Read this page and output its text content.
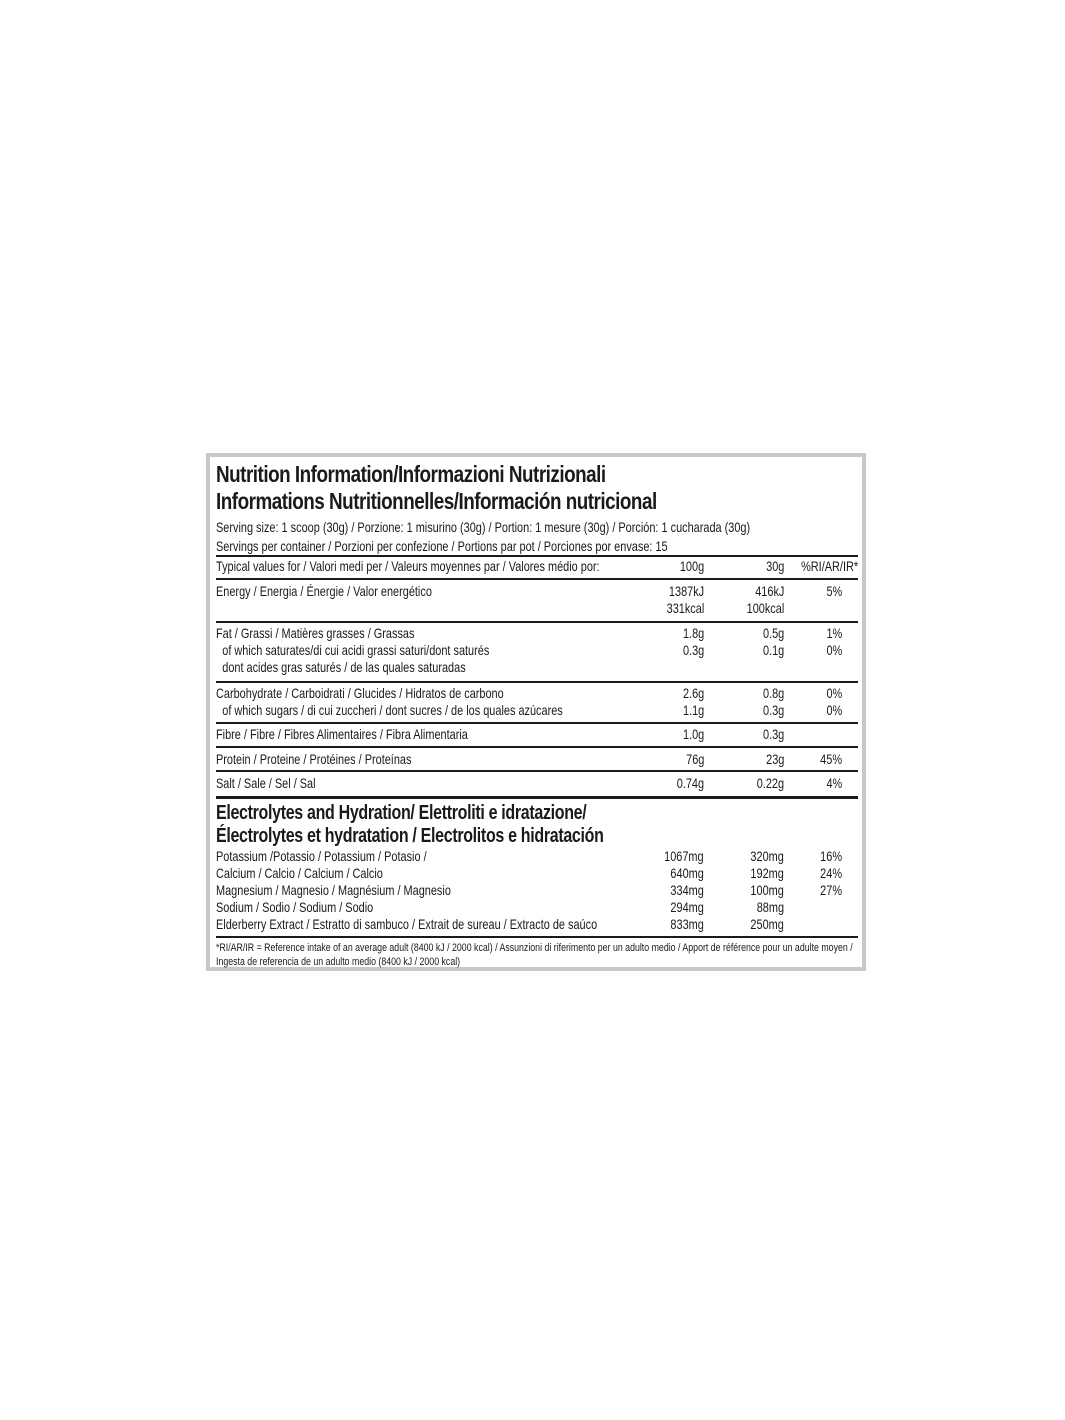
Nutrition Information/Informazioni Nutrizionali
Informations Nutritionnelles/Información nutricional
Serving size: 1 scoop (30g) / Porzione: 1 misurino (30g) / Portion: 1 mesure (30g) / Porción: 1 cucharada (30g)
Servings per container / Porzioni per confezione / Portions par pot / Porciones por envase: 15
Typical values for / Valori medi per / Valeurs moyennes par / Valores médio por:	100g	30g %RI/AR/IR*
Energy / Energia / Énergie / Valor energético	1387kJ	416kJ	5%
331kcal	100kcal
Fat / Grassi / Matières grasses / Grassas	1.8g	0.5g	1%
of which saturates/di cui acidi grassi saturi/dont saturés	0.3g	0.1g	0%
dont acides gras saturés / de las quales saturadas
Carbohydrate / Carboidrati / Glucides / Hidratos de carbono	2.6g	0.8g	0%
of which sugars / di cui zuccheri / dont sucres / de los quales azúcares	1.1g	0.3g	0%
Fibre / Fibre / Fibres Alimentaires / Fibra Alimentaria	1.0g	0.3g
Protein / Proteine / Protéines / Proteínas	76g	23g	45%
Salt / Sale / Sel / Sal	0.74g	0.22g	4%
Electrolytes and Hydration/ Elettroliti e idratazione/
Électrolytes et hydratation / Electrolitos e hidratación
Potassium /Potassio / Potassium / Potasio /	1067mg	320mg	16%
Calcium / Calcio / Calcium / Calcio	640mg	192mg	24%
Magnesium / Magnesio / Magnésium / Magnesio	334mg	100mg	27%
Sodium / Sodio / Sodium / Sodio	294mg	88mg
Elderberry Extract / Estratto di sambuco / Extrait de sureau / Extracto de saúco	833mg	250mg
*RI/AR/IR = Reference intake of an average adult (8400 kJ / 2000 kcal) / Assunzioni di riferimento per un adulto medio / Apport de référence pour un adulte moyen / Ingesta de referencia de un adulto medio (8400 kJ / 2000 kcal)
